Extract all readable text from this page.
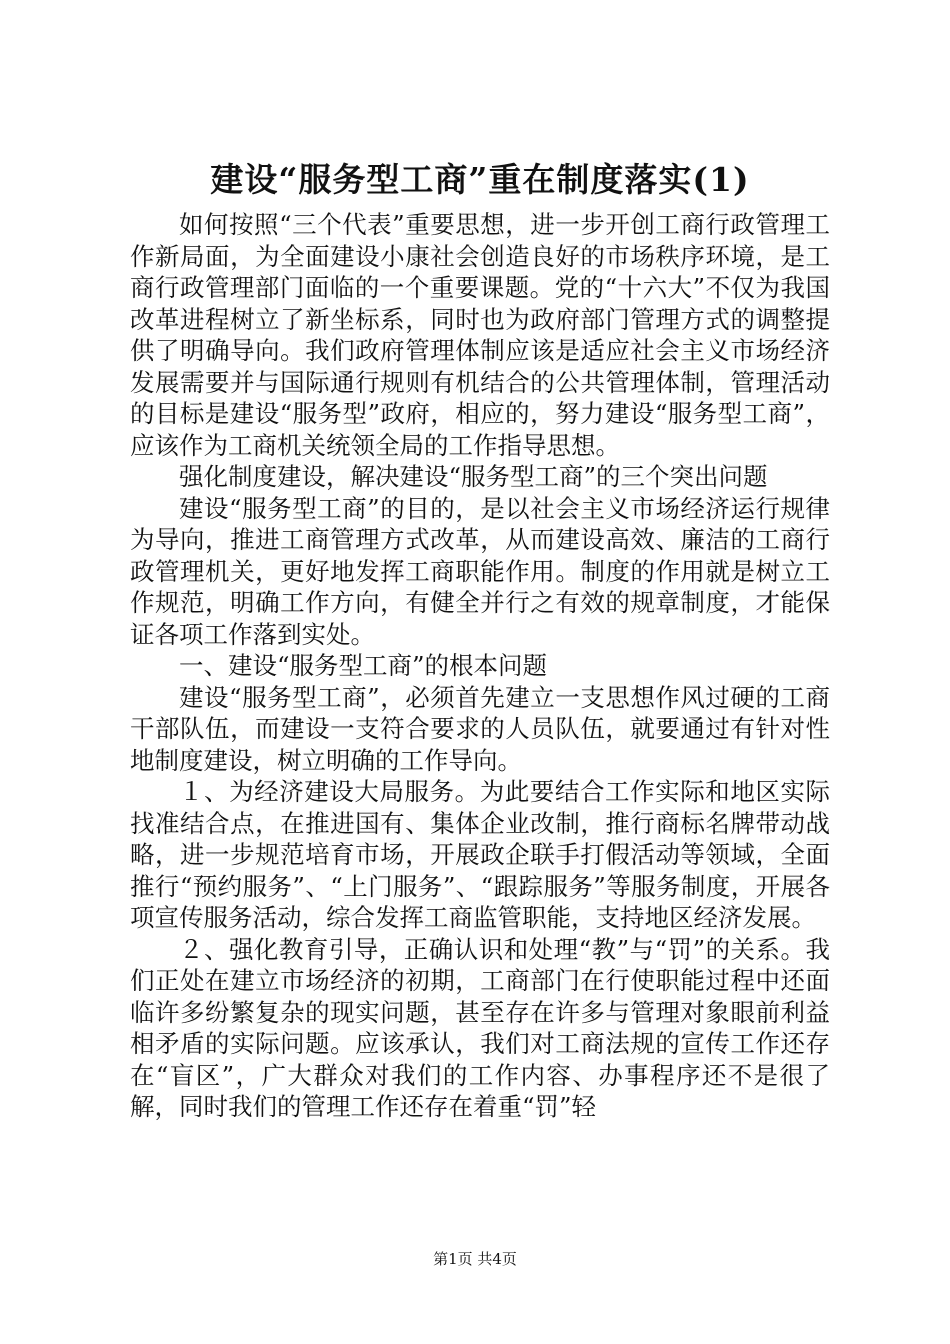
建设“服务型工商”重在制度落实(1)

如何按照“三个代表”重要思想，进一步开创工商行政管理工作新局面，为全面建设小康社会创造良好的市场秩序环境，是工商行政管理部门面临的一个重要课题。党的“十六大”不仅为我国改革进程树立了新坐标系，同时也为政府部门管理方式的调整提供了明确导向。我们政府管理体制应该是适应社会主义市场经济发展需要并与国际通行规则有机结合的公共管理体制，管理活动的目标是建设“服务型”政府，相应的，努力建设“服务型工商”，应该作为工商机关统领全局的工作指导思想。

强化制度建设，解决建设“服务型工商”的三个突出问题

建设“服务型工商”的目的，是以社会主义市场经济运行规律为导向，推进工商管理方式改革，从而建设高效、廉洁的工商行政管理机关，更好地发挥工商职能作用。制度的作用就是树立工作规范，明确工作方向，有健全并行之有效的规章制度，才能保证各项工作落到实处。

一、建设“服务型工商”的根本问题

建设“服务型工商”，必须首先建立一支思想作风过硬的工商干部队伍，而建设一支符合要求的人员队伍，就要通过有针对性地制度建设，树立明确的工作导向。

１、为经济建设大局服务。为此要结合工作实际和地区实际找准结合点，在推进国有、集体企业改制，推行商标名牌带动战略，进一步规范培育市场，开展政企联手打假活动等领域，全面推行“预约服务”、“上门服务”、“跟踪服务”等服务制度，开展各项宣传服务活动，综合发挥工商监管职能，支持地区经济发展。

２、强化教育引导，正确认识和处理“教”与“罚”的关系。我们正处在建立市场经济的初期，工商部门在行使职能过程中还面临许多纷繁复杂的现实问题，甚至存在许多与管理对象眼前利益相矛盾的实际问题。应该承认，我们对工商法规的宣传工作还存在“盲区”，广大群众对我们的工作内容、办事程序还不是很了解，同时我们的管理工作还存在着重“罚”轻

第1页 共4页
